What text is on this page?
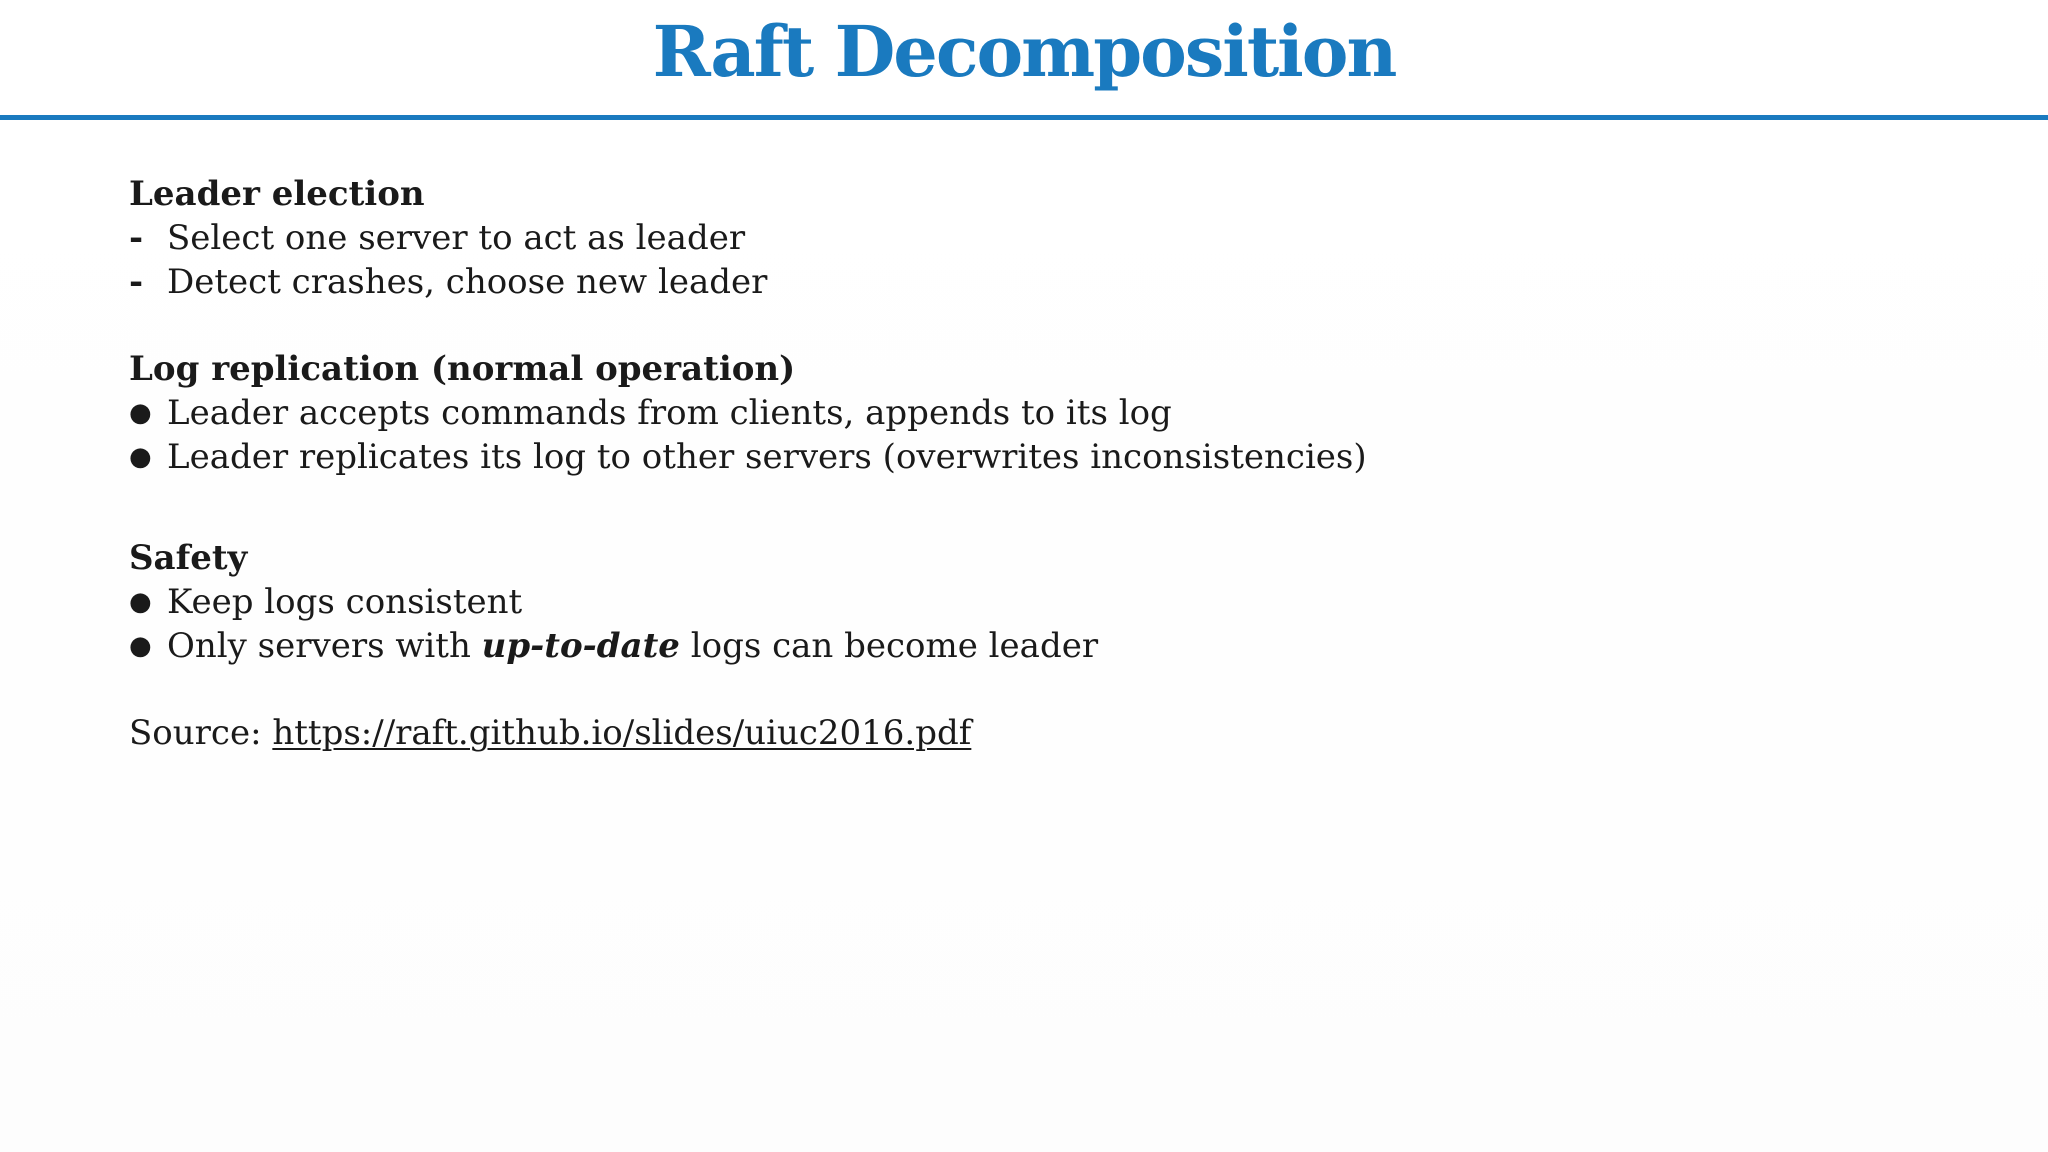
Raft Decomposition
Leader election
- Select one server to act as leader
- Detect crashes, choose new leader
Log replication (normal operation)
● Leader accepts commands from clients, appends to its log
● Leader replicates its log to other servers (overwrites inconsistencies)
Safety
● Keep logs consistent
● Only servers with up-to-date logs can become leader
Source: https://raft.github.io/slides/uiuc2016.pdf
